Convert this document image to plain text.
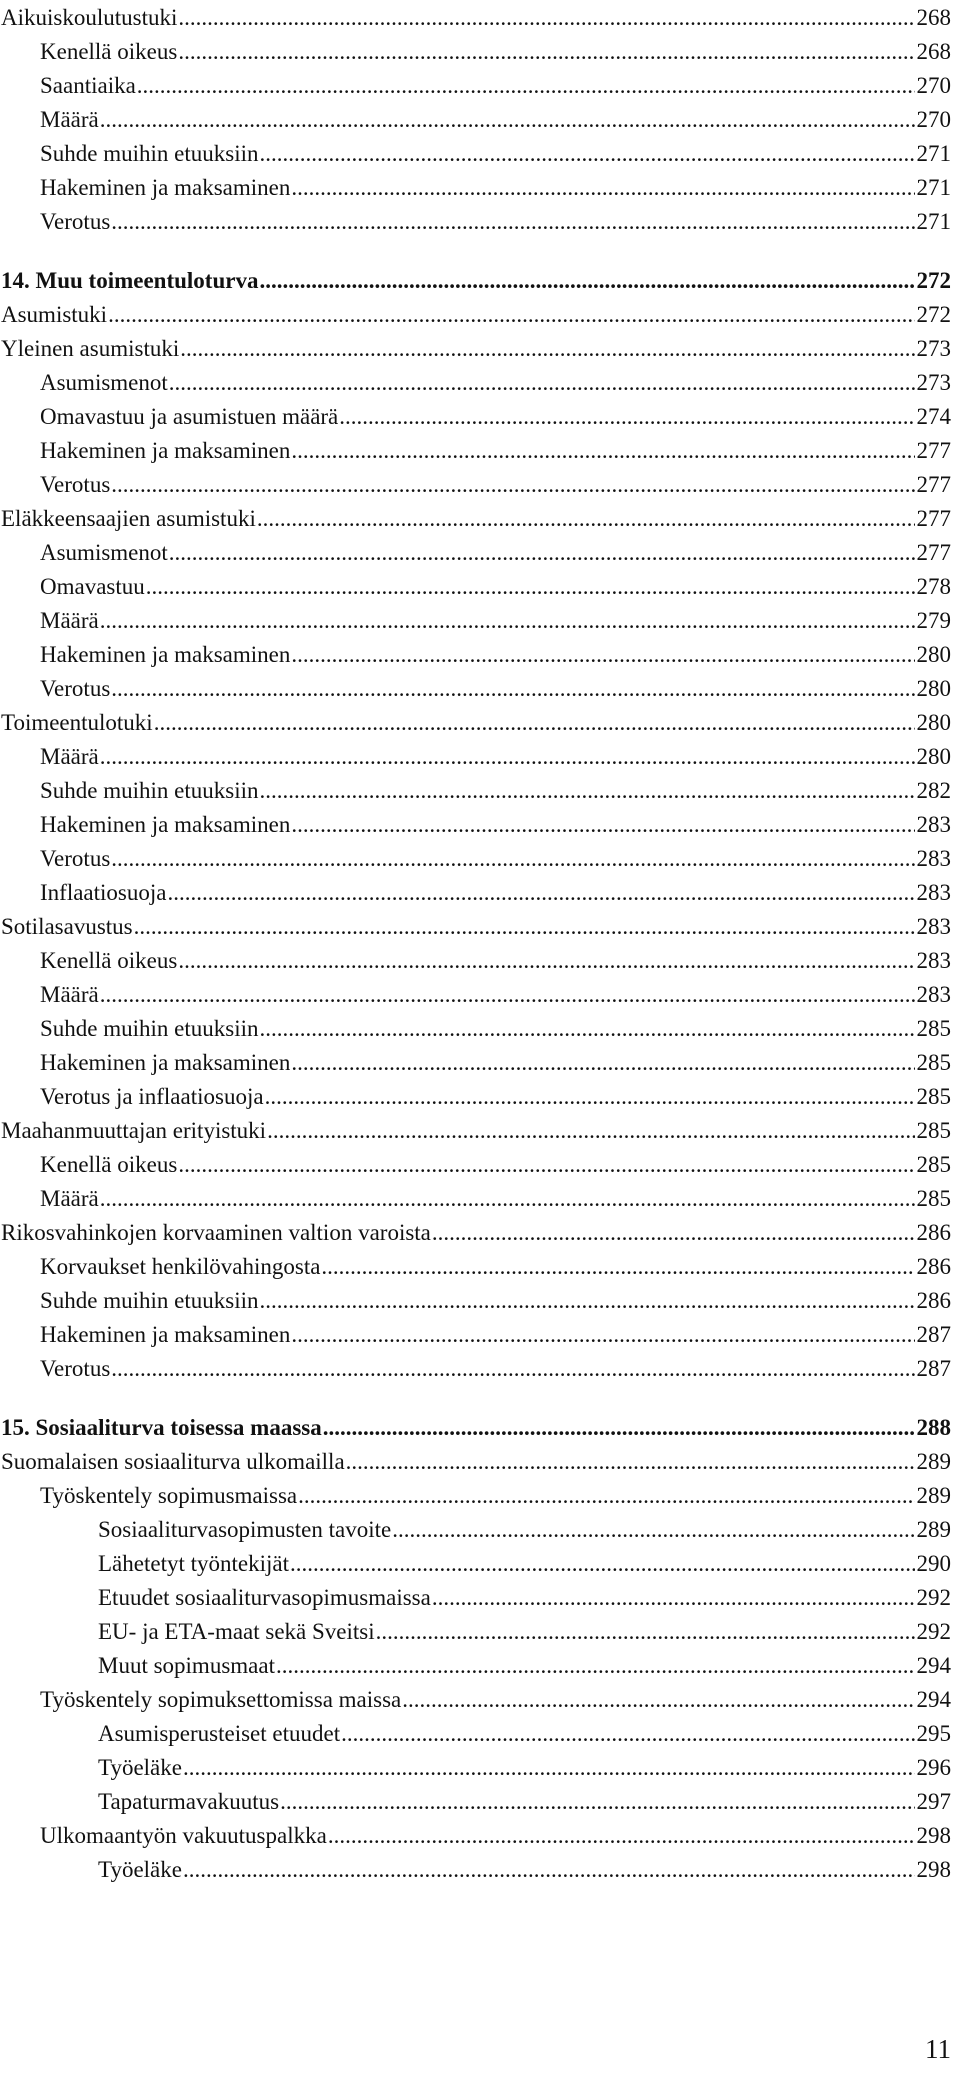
Aikuiskoulutustuki .....	268
Kenellä oikeus .....	268
Saantiaika .....	270
Määrä .....	270
Suhde muihin etuuksiin .....	271
Hakeminen ja maksaminen .....	271
Verotus .....	271
14. Muu toimeentuloturva .....	272
Asumistuki .....	272
Yleinen asumistuki .....	273
Asumismenot .....	273
Omavastuu ja asumistuen määrä .....	274
Hakeminen ja maksaminen .....	277
Verotus .....	277
Eläkkeensaajien asumistuki .....	277
Asumismenot .....	277
Omavastuu .....	278
Määrä .....	279
Hakeminen ja maksaminen .....	280
Verotus .....	280
Toimeentulotuki .....	280
Määrä .....	280
Suhde muihin etuuksiin .....	282
Hakeminen ja maksaminen .....	283
Verotus .....	283
Inflaatiosuoja .....	283
Sotilasavustus .....	283
Kenellä oikeus .....	283
Määrä .....	283
Suhde muihin etuuksiin .....	285
Hakeminen ja maksaminen .....	285
Verotus ja inflaatiosuoja .....	285
Maahanmuuttajan erityistuki .....	285
Kenellä oikeus .....	285
Määrä .....	285
Rikosvahinkojen korvaaminen valtion varoista .....	286
Korvaukset henkilövahingosta .....	286
Suhde muihin etuuksiin .....	286
Hakeminen ja maksaminen .....	287
Verotus .....	287
15. Sosiaaliturva toisessa maassa .....	288
Suomalaisen sosiaaliturva ulkomailla .....	289
Työskentely sopimusmaissa .....	289
Sosiaaliturvasopimusten tavoite .....	289
Lähetetyt työntekijät .....	290
Etuudet sosiaaliturvasopimusmaissa .....	292
EU- ja ETA-maat sekä Sveitsi .....	292
Muut sopimusmaat .....	294
Työskentely sopimuksettomissa maissa .....	294
Asumisperusteiset etuudet .....	295
Työeläke .....	296
Tapaturmavakuutus .....	297
Ulkomaantyön vakuutuspalkka .....	298
Työeläke .....	298
11
